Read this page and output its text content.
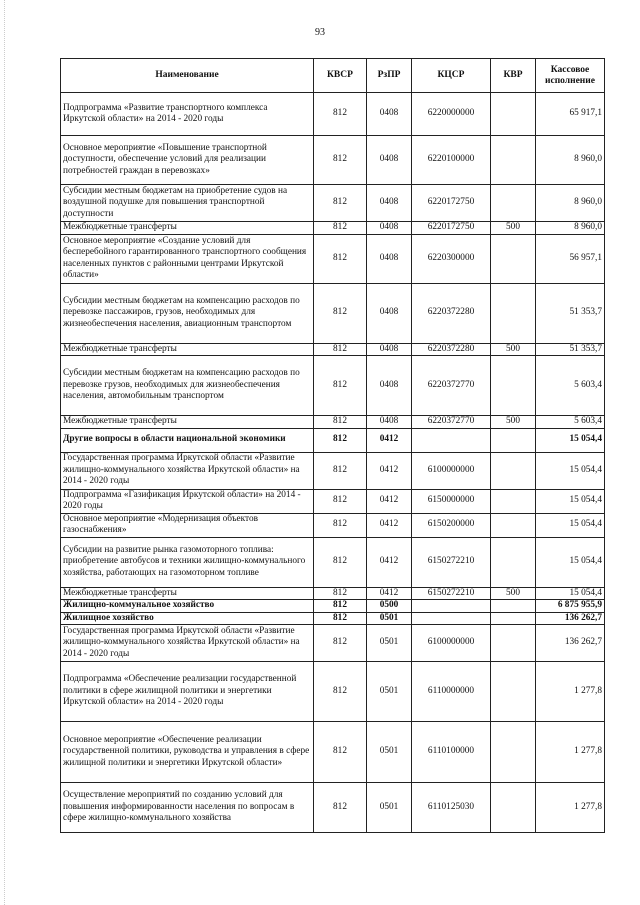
93
Наименование	КВСР	РзПР	КЦСР	КВР	Кассовое исполнение
Подпрограмма «Развитие транспортного комплекса Иркутской области» на 2014 - 2020 годы	812	0408	6220000000		65 917,1
Основное мероприятие «Повышение транспортной доступности, обеспечение условий для реализации потребностей граждан в перевозках»	812	0408	6220100000		8 960,0
Субсидии местным бюджетам на приобретение судов на воздушной подушке для повышения транспортной доступности	812	0408	6220172750		8 960,0
Межбюджетные трансферты	812	0408	6220172750	500	8 960,0
Основное мероприятие «Создание условий для бесперебойного гарантированного транспортного сообщения населенных пунктов с районными центрами Иркутской области»	812	0408	6220300000		56 957,1
Субсидии местным бюджетам на компенсацию расходов по перевозке пассажиров, грузов, необходимых для жизнеобеспечения населения, авиационным транспортом	812	0408	6220372280		51 353,7
Межбюджетные трансферты	812	0408	6220372280	500	51 353,7
Субсидии местным бюджетам на компенсацию расходов по перевозке грузов, необходимых для жизнеобеспечения населения, автомобильным транспортом	812	0408	6220372770		5 603,4
Межбюджетные трансферты	812	0408	6220372770	500	5 603,4
Другие вопросы в области национальной экономики	812	0412			15 054,4
Государственная программа Иркутской области «Развитие жилищно-коммунального хозяйства Иркутской области» на 2014 - 2020 годы	812	0412	6100000000		15 054,4
Подпрограмма «Газификация Иркутской области» на 2014 - 2020 годы	812	0412	6150000000		15 054,4
Основное мероприятие «Модернизация объектов газоснабжения»	812	0412	6150200000		15 054,4
Субсидии на развитие рынка газомоторного топлива: приобретение автобусов и техники жилищно-коммунального хозяйства, работающих на газомоторном топливе	812	0412	6150272210		15 054,4
Межбюджетные трансферты	812	0412	6150272210	500	15 054,4
Жилищно-коммунальное хозяйство	812	0500			6 875 955,9
Жилищное хозяйство	812	0501			136 262,7
Государственная программа Иркутской области «Развитие жилищно-коммунального хозяйства Иркутской области» на 2014 - 2020 годы	812	0501	6100000000		136 262,7
Подпрограмма «Обеспечение реализации государственной политики в сфере жилищной политики и энергетики Иркутской области» на 2014 - 2020 годы	812	0501	6110000000		1 277,8
Основное мероприятие «Обеспечение реализации государственной политики, руководства и управления в сфере жилищной политики и энергетики Иркутской области»	812	0501	6110100000		1 277,8
Осуществление мероприятий по созданию условий для повышения информированности населения по вопросам в сфере жилищно-коммунального хозяйства	812	0501	6110125030		1 277,8
